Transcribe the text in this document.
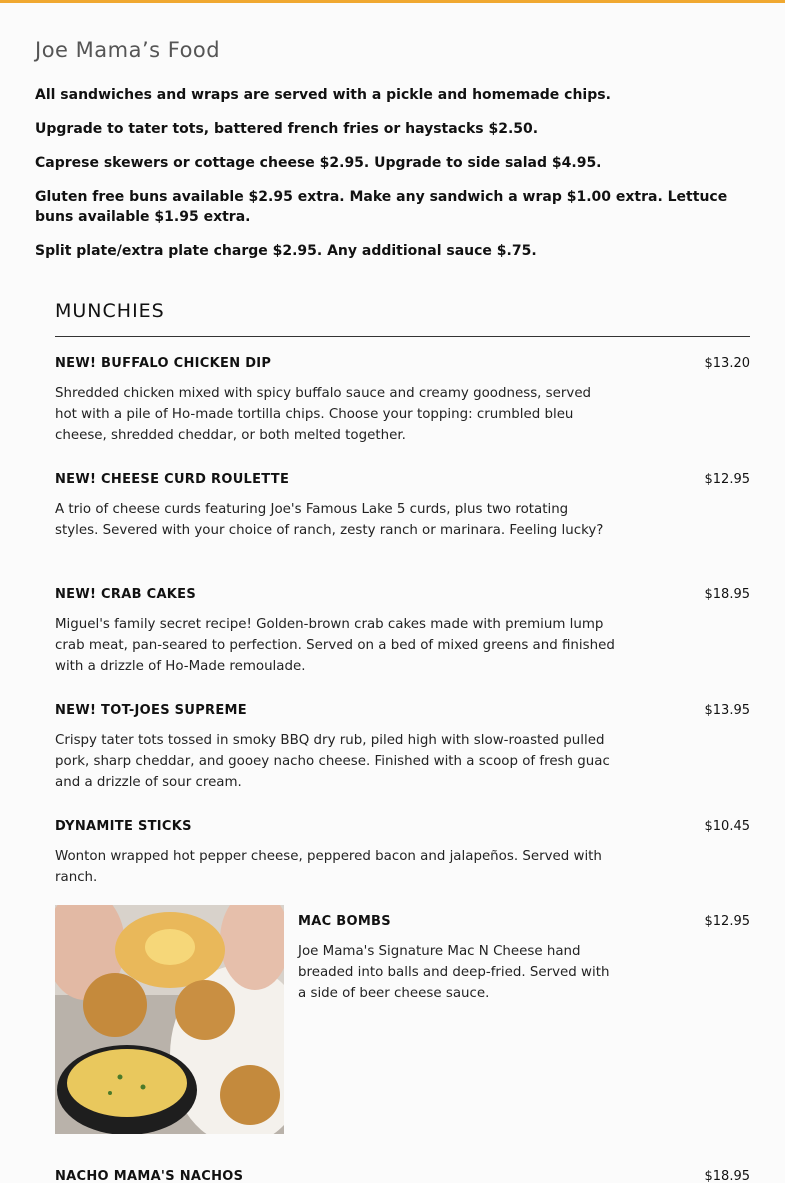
Joe Mama’s Food

All sandwiches and wraps are served with a pickle and homemade chips.

Upgrade to tater tots, battered french fries or haystacks $2.50.

Caprese skewers or cottage cheese $2.95. Upgrade to side salad $4.95.

Gluten free buns available $2.95 extra. Make any sandwich a wrap $1.00 extra. Lettuce buns available $1.95 extra.

Split plate/extra plate charge $2.95. Any additional sauce $.75.

MUNCHIES
NEW! BUFFALO CHICKEN DIP	$13.20

Shredded chicken mixed with spicy buffalo sauce and creamy goodness, served hot with a pile of Ho-made tortilla chips. Choose your topping: crumbled bleu cheese, shredded cheddar, or both melted together.

NEW! CHEESE CURD ROULETTE	$12.95

A trio of cheese curds featuring Joe's Famous Lake 5 curds, plus two rotating styles. Severed with your choice of ranch, zesty ranch or marinara. Feeling lucky?

NEW! CRAB CAKES	$18.95

Miguel's family secret recipe! Golden-brown crab cakes made with premium lump crab meat, pan-seared to perfection. Served on a bed of mixed greens and finished with a drizzle of Ho-Made remoulade.

NEW! TOT-JOES SUPREME	$13.95

Crispy tater tots tossed in smoky BBQ dry rub, piled high with slow-roasted pulled pork, sharp cheddar, and gooey nacho cheese. Finished with a scoop of fresh guac and a drizzle of sour cream.

DYNAMITE STICKS	$10.45

Wonton wrapped hot pepper cheese, peppered bacon and jalapeños. Served with ranch.

MAC BOMBS	$12.95

Joe Mama's Signature Mac N Cheese hand breaded into balls and deep-fried. Served with a side of beer cheese sauce.

NACHO MAMA'S NACHOS	$18.95
